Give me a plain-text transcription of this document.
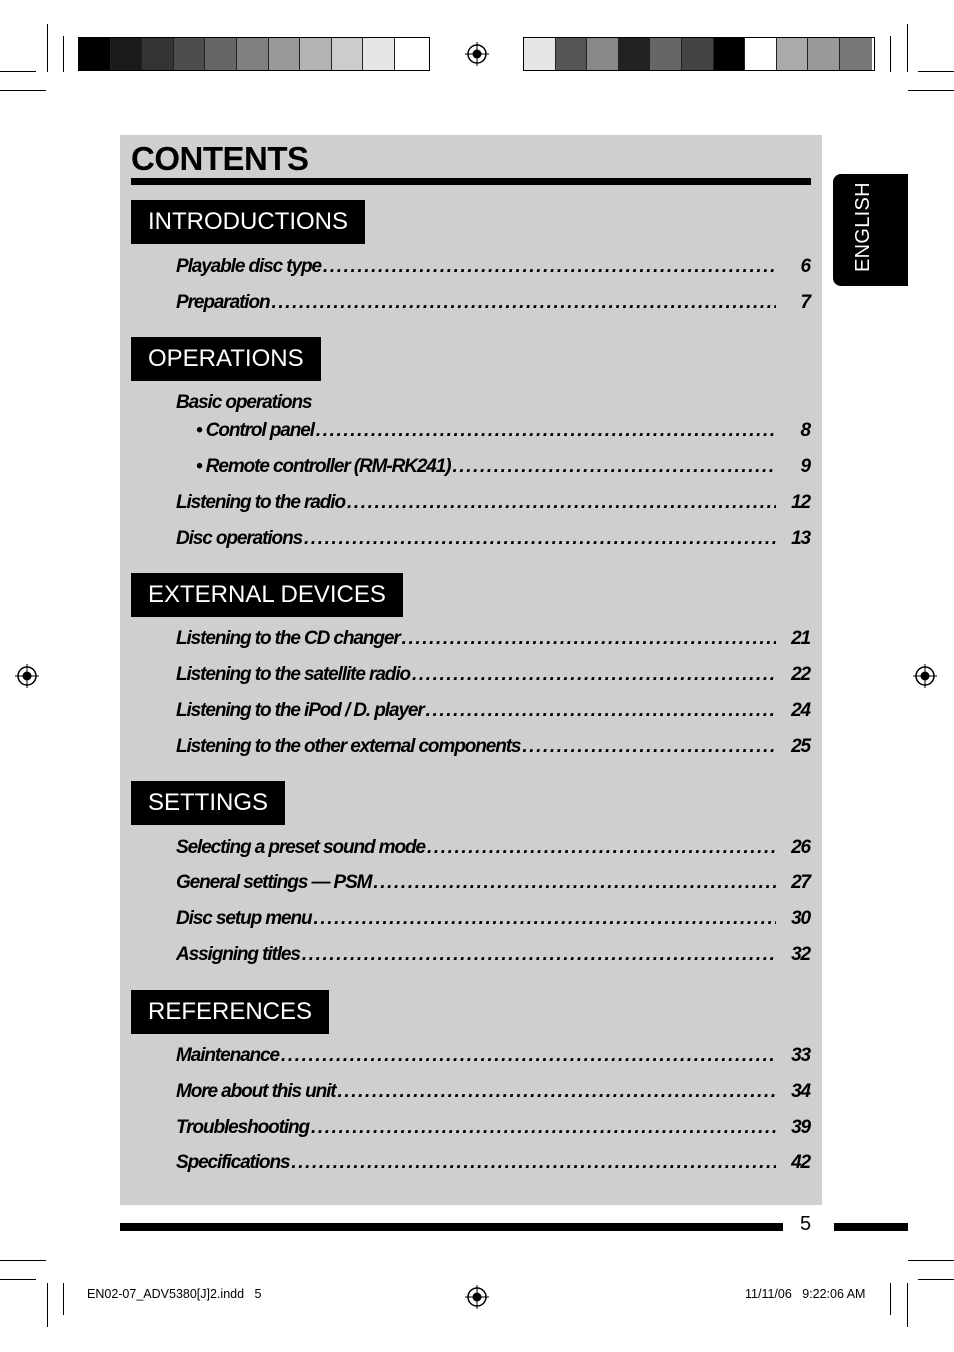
CONTENTS
INTRODUCTIONS
Playable disc type .....	6
Preparation .....	7
OPERATIONS
Basic operations
• Control panel .....	8
• Remote controller (RM-RK241) .....	9
Listening to the radio .....	12
Disc operations .....	13
EXTERNAL DEVICES
Listening to the CD changer .....	21
Listening to the satellite radio .....	22
Listening to the iPod / D. player .....	24
Listening to the other external components .....	25
SETTINGS
Selecting a preset sound mode .....	26
General settings — PSM .....	27
Disc setup menu .....	30
Assigning titles .....	32
REFERENCES
Maintenance .....	33
More about this unit .....	34
Troubleshooting .....	39
Specifications .....	42
ENGLISH
5
EN02-07_ADV5380[J]2.indd   5	11/11/06   9:22:06 AM
